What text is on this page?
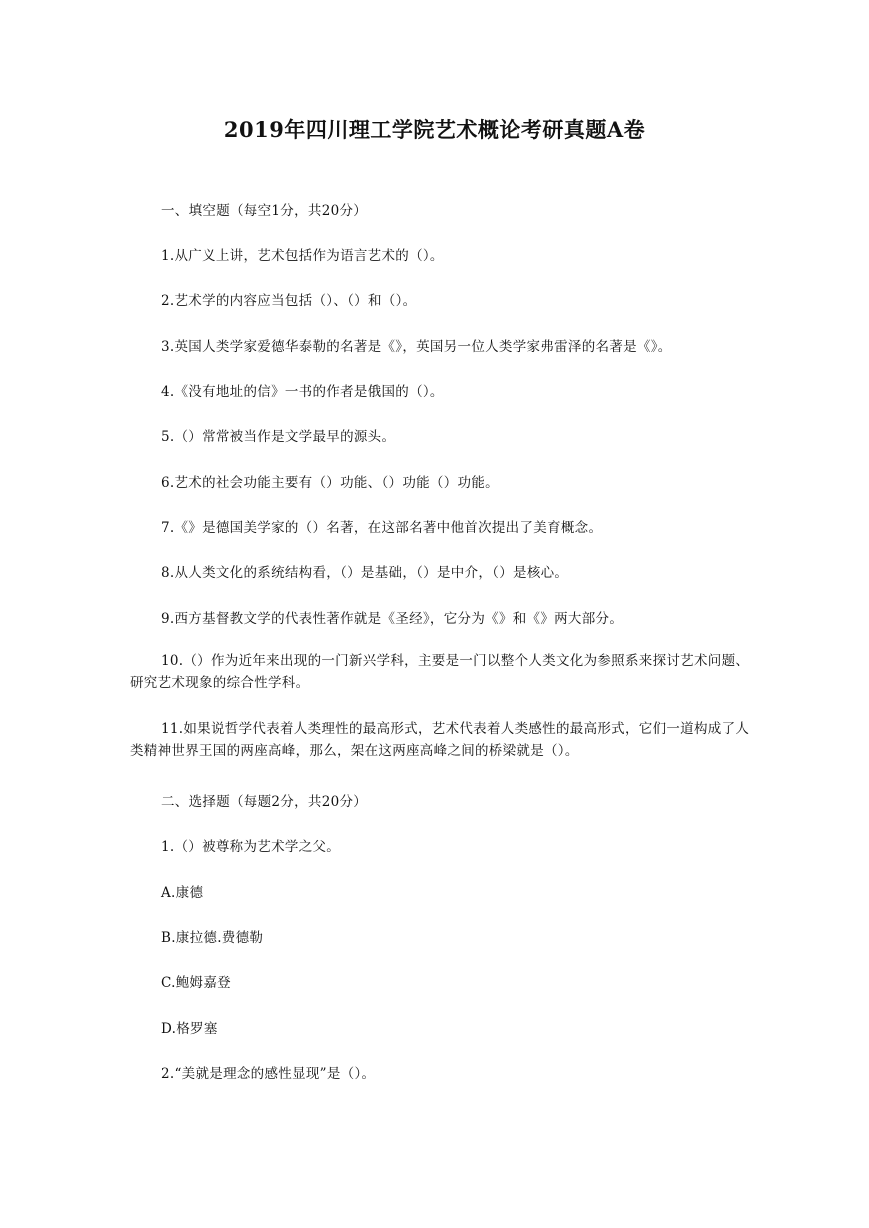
2019年四川理工学院艺术概论考研真题A卷
一、填空题（每空1分，共20分）
1.从广义上讲，艺术包括作为语言艺术的（）。
2.艺术学的内容应当包括（）、（）和（）。
3.英国人类学家爱德华泰勒的名著是《》，英国另一位人类学家弗雷泽的名著是《》。
4.《没有地址的信》一书的作者是俄国的（）。
5.（）常常被当作是文学最早的源头。
6.艺术的社会功能主要有（）功能、（）功能（）功能。
7.《》是德国美学家的（）名著，在这部名著中他首次提出了美育概念。
8.从人类文化的系统结构看，（）是基础，（）是中介，（）是核心。
9.西方基督教文学的代表性著作就是《圣经》，它分为《》和《》两大部分。
10.（）作为近年来出现的一门新兴学科，主要是一门以整个人类文化为参照系来探讨艺术问题、研究艺术现象的综合性学科。
11.如果说哲学代表着人类理性的最高形式，艺术代表着人类感性的最高形式，它们一道构成了人类精神世界王国的两座高峰，那么，架在这两座高峰之间的桥梁就是（）。
二、选择题（每题2分，共20分）
1.（）被尊称为艺术学之父。
A.康德
B.康拉德.费德勒
C.鲍姆嘉登
D.格罗塞
2.“美就是理念的感性显现”是（）。
